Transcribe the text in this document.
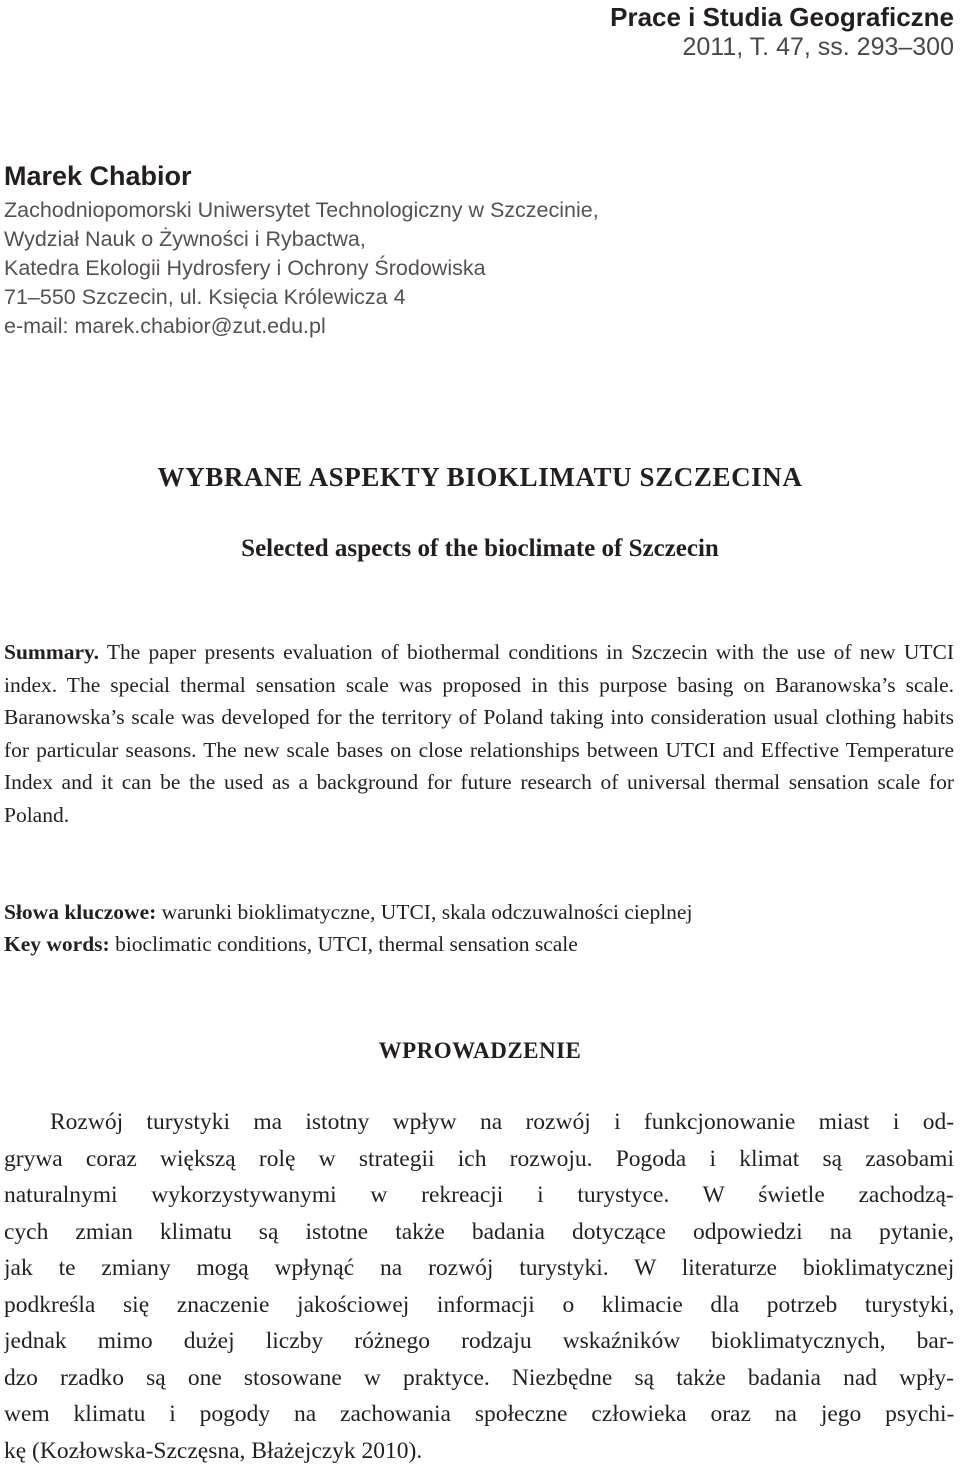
Prace i Studia Geograficzne
2011, T. 47, ss. 293–300
Marek Chabior
Zachodniopomorski Uniwersytet Technologiczny w Szczecinie,
Wydział Nauk o Żywności i Rybactwa,
Katedra Ekologii Hydrosfery i Ochrony Środowiska
71–550 Szczecin, ul. Księcia Królewicza 4
e-mail: marek.chabior@zut.edu.pl
WYBRANE ASPEKTY BIOKLIMATU SZCZECINA
Selected aspects of the bioclimate of Szczecin
Summary. The paper presents evaluation of biothermal conditions in Szczecin with the use of new UTCI index. The special thermal sensation scale was proposed in this purpose basing on Baranowska’s scale. Baranowska’s scale was developed for the territory of Poland taking into consideration usual clothing habits for particular seasons. The new scale bases on close relationships between UTCI and Effective Temperature Index and it can be the used as a background for future research of universal thermal sensation scale for Poland.
Słowa kluczowe: warunki bioklimatyczne, UTCI, skala odczuwalności cieplnej
Key words: bioclimatic conditions, UTCI, thermal sensation scale
WPROWADZENIE
Rozwój turystyki ma istotny wpływ na rozwój i funkcjonowanie miast i od-
grywa coraz większą rolę w strategii ich rozwoju. Pogoda i klimat są zasobami
naturalnymi wykorzystywanymi w rekreacji i turystyce. W świetle zachodzą-
cych zmian klimatu są istotne także badania dotyczące odpowiedzi na pytanie,
jak te zmiany mogą wpłynąć na rozwój turystyki. W literaturze bioklimatycznej
podkreśla się znaczenie jakościowej informacji o klimacie dla potrzeb turystyki,
jednak mimo dużej liczby różnego rodzaju wskaźników bioklimatycznych, bar-
dzo rzadko są one stosowane w praktyce. Niezbędne są także badania nad wpły-
wem klimatu i pogody na zachowania społeczne człowieka oraz na jego psychi-
kę (Kozłowska-Szczęsna, Błażejczyk 2010).
